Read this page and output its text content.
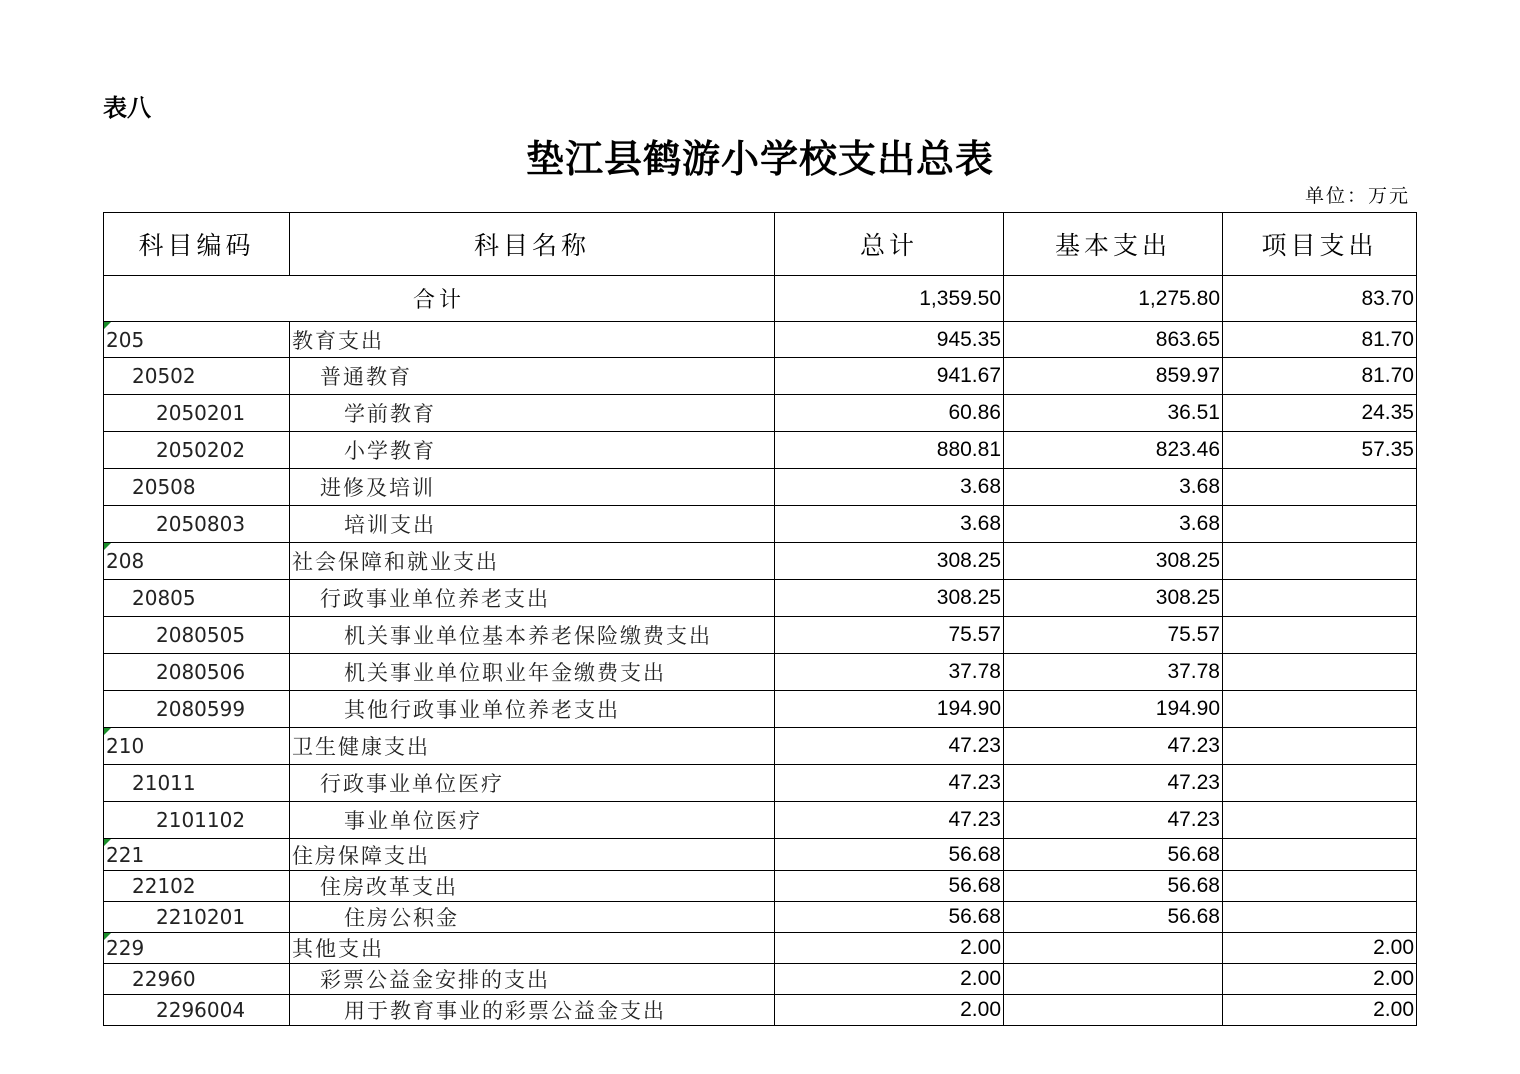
表八
垫江县鹤游小学校支出总表
单位：万元
科目编码	科目名称	总计	基本支出	项目支出
合计		1,359.50	1,275.80	83.70
205	教育支出	945.35	863.65	81.70
20502	普通教育	941.67	859.97	81.70
2050201	学前教育	60.86	36.51	24.35
2050202	小学教育	880.81	823.46	57.35
20508	进修及培训	3.68	3.68	
2050803	培训支出	3.68	3.68	
208	社会保障和就业支出	308.25	308.25	
20805	行政事业单位养老支出	308.25	308.25	
2080505	机关事业单位基本养老保险缴费支出	75.57	75.57	
2080506	机关事业单位职业年金缴费支出	37.78	37.78	
2080599	其他行政事业单位养老支出	194.90	194.90	
210	卫生健康支出	47.23	47.23	
21011	行政事业单位医疗	47.23	47.23	
2101102	事业单位医疗	47.23	47.23	
221	住房保障支出	56.68	56.68	
22102	住房改革支出	56.68	56.68	
2210201	住房公积金	56.68	56.68	
229	其他支出	2.00		2.00
22960	彩票公益金安排的支出	2.00		2.00
2296004	用于教育事业的彩票公益金支出	2.00		2.00
